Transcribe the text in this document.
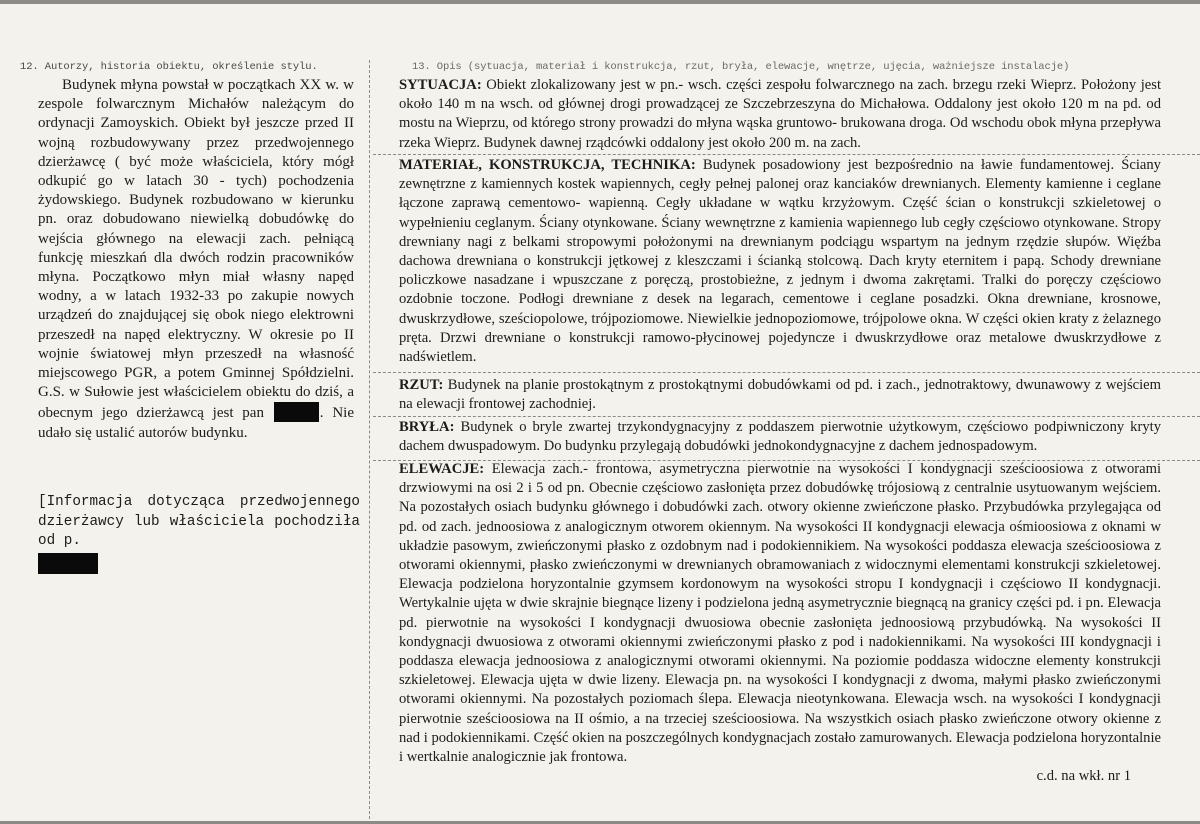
12. Autorzy, historia obiektu, określenie stylu.	13. Opis (sytuacja, materiał i konstrukcja, rzut, bryła, elewacje, wnętrze, ujęcia, ważniejsze instalacje)

Budynek młyna powstał w początkach XX w. w zespole folwarcznym Michałów należącym do ordynacji Zamoyskich. Obiekt był jeszcze przed II wojną rozbudowywany przez przedwojennego dzierżawcę ( być może właściciela, który mógł odkupić go w latach 30 - tych) pochodzenia żydowskiego. Budynek rozbudowano w kierunku pn. oraz dobudowano niewielką dobudówkę do wejścia głównego na elewacji zach. pełniącą funkcję mieszkań dla dwóch rodzin pracowników młyna. Początkowo młyn miał własny napęd wodny, a w latach 1932-33 po zakupie nowych urządzeń do znajdującej się obok niego elektrowni przeszedł na napęd elektryczny. W okresie po II wojnie światowej młyn przeszedł na własność miejscowego PGR, a potem Gminnej Spółdzielni. G.S. w Sułowie jest właścicielem obiektu do dziś, a obecnym jego dzierżawcą jest pan	. Nie udało się ustalić autorów budynku.

[Informacja dotycząca przedwojennego dzierżawcy lub właściciela pochodziła od p.

SYTUACJA: Obiekt zlokalizowany jest w pn.- wsch. części zespołu folwarcznego na zach. brzegu rzeki Wieprz. Położony jest około 140 m na wsch. od głównej drogi prowadzącej ze Szczebrzeszyna do Michałowa. Oddalony jest około 120 m na pd. od mostu na Wieprzu, od którego strony prowadzi do młyna wąska gruntowo- brukowana droga. Od wschodu obok młyna przepływa rzeka Wieprz. Budynek dawnej rządcówki oddalony jest około 200 m. na zach.

MATERIAŁ, KONSTRUKCJA, TECHNIKA: Budynek posadowiony jest bezpośrednio na ławie fundamentowej. Ściany zewnętrzne z kamiennych kostek wapiennych, cegły pełnej palonej oraz kanciaków drewnianych. Elementy kamienne i ceglane łączone zaprawą cementowo- wapienną. Cegły układane w wątku krzyżowym. Część ścian o konstrukcji szkieletowej o wypełnieniu ceglanym. Ściany otynkowane. Ściany wewnętrzne z kamienia wapiennego lub cegły częściowo otynkowane. Stropy drewniany nagi z belkami stropowymi położonymi na drewnianym podciągu wspartym na jednym rzędzie słupów. Więźba dachowa drewniana o konstrukcji jętkowej z kleszczami i ścianką stolcową. Dach kryty eternitem i papą. Schody drewniane policzkowe nasadzane i wpuszczane z poręczą, prostobieżne, z jednym i dwoma zakrętami. Tralki do poręczy częściowo ozdobnie toczone. Podłogi drewniane z desek na legarach, cementowe i ceglane posadzki. Okna drewniane, krosnowe, dwuskrzydłowe, sześciopolowe, trójpoziomowe. Niewielkie jednopoziomowe, trójpolowe okna. W części okien kraty z żelaznego pręta. Drzwi drewniane o konstrukcji ramowo-płycinowej pojedyncze i dwuskrzydłowe oraz metalowe dwuskrzydłowe z nadświetlem.

RZUT: Budynek na planie prostokątnym z prostokątnymi dobudówkami od pd. i zach., jednotraktowy, dwunawowy z wejściem na elewacji frontowej zachodniej.

BRYŁA: Budynek o bryle zwartej trzykondygnacyjny z poddaszem pierwotnie użytkowym, częściowo podpiwniczony kryty dachem dwuspadowym. Do budynku przylegają dobudówki jednokondygnacyjne z dachem jednospadowym.

ELEWACJE: Elewacja zach.- frontowa, asymetryczna pierwotnie na wysokości I kondygnacji sześcioosiowa z otworami drzwiowymi na osi 2 i 5 od pn. Obecnie częściowo zasłonięta przez dobudówkę trójosiową z centralnie usytuowanym wejściem. Na pozostałych osiach budynku głównego i dobudówki zach. otwory okienne zwieńczone płasko. Przybudówka przylegająca od pd. od zach. jednoosiowa z analogicznym otworem okiennym. Na wysokości II kondygnacji elewacja ośmioosiowa z oknami w układzie pasowym, zwieńczonymi płasko z ozdobnym nad i podokiennikiem. Na wysokości poddasza elewacja sześcioosiowa z otworami okiennymi, płasko zwieńczonymi w drewnianych obramowaniach z widocznymi elementami konstrukcji szkieletowej. Elewacja podzielona horyzontalnie gzymsem kordonowym na wysokości stropu I kondygnacji i częściowo II kondygnacji. Wertykalnie ujęta w dwie skrajnie biegnące lizeny i podzielona jedną asymetrycznie biegnącą na granicy części pd. i pn. Elewacja pd. pierwotnie na wysokości I kondygnacji dwuosiowa obecnie zasłonięta jednoosiową przybudówką. Na wysokości II kondygnacji dwuosiowa z otworami okiennymi zwieńczonymi płasko z pod i nadokiennikami. Na wysokości III kondygnacji i poddasza elewacja jednoosiowa z analogicznymi otworami okiennymi. Na poziomie poddasza widoczne elementy konstrukcji szkieletowej. Elewacja ujęta w dwie lizeny. Elewacja pn. na wysokości I kondygnacji z dwoma, małymi płasko zwieńczonymi otworami okiennymi. Na pozostałych poziomach ślepa. Elewacja nieotynkowana. Elewacja wsch. na wysokości I kondygnacji pierwotnie sześcioosiowa na II ośmio, a na trzeciej sześcioosiowa. Na wszystkich osiach płasko zwieńczone otwory okienne z nad i podokiennikami. Część okien na poszczególnych kondygnacjach zostało zamurowanych. Elewacja podzielona horyzontalnie i wertkalnie analogicznie jak frontowa.

c.d. na wkł. nr 1
